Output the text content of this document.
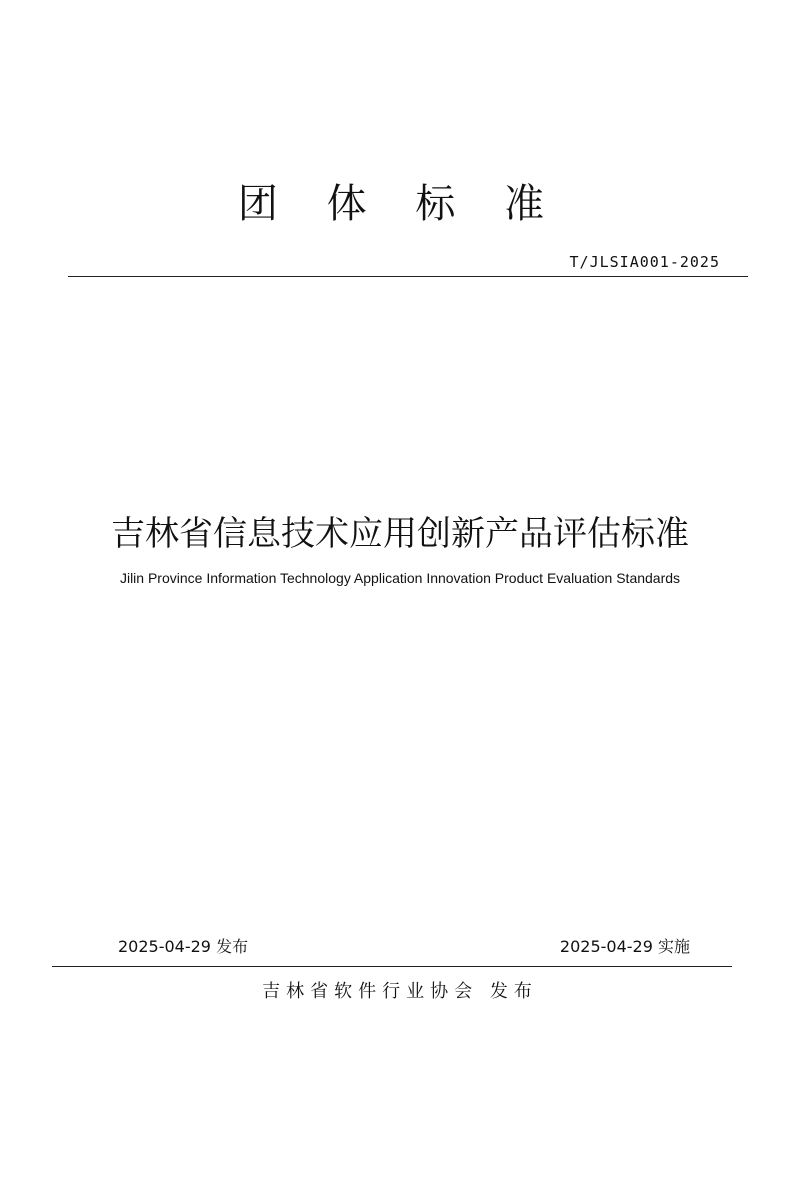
团 体 标 准
T/JLSIA001-2025
吉林省信息技术应用创新产品评估标准
Jilin Province Information Technology Application Innovation Product Evaluation Standards
2025-04-29 发布	2025-04-29 实施
吉林省软件行业协会 发布
